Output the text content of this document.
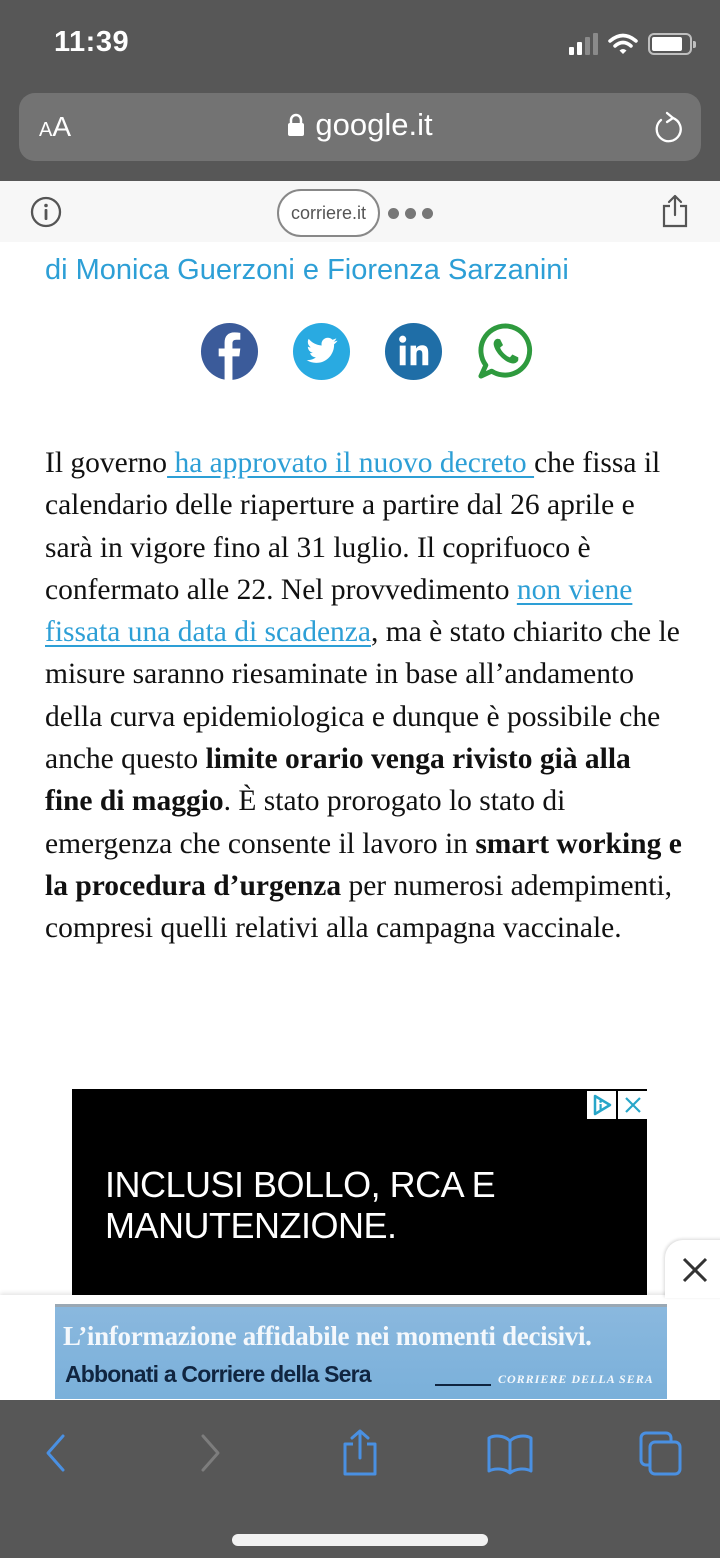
11:39
AA	google.it
corriere.it
di Monica Guerzoni e Fiorenza Sarzanini
Il governo ha approvato il nuovo decreto che fissa il calendario delle riaperture a partire dal 26 aprile e sarà in vigore fino al 31 luglio. Il coprifuoco è confermato alle 22. Nel provvedimento non viene fissata una data di scadenza, ma è stato chiarito che le misure saranno riesaminate in base all’andamento della curva epidemiologica e dunque è possibile che anche questo limite orario venga rivisto già alla fine di maggio. È stato prorogato lo stato di emergenza che consente il lavoro in smart working e la procedura d’urgenza per numerosi adempimenti, compresi quelli relativi alla campagna vaccinale.
INCLUSI BOLLO, RCA E
MANUTENZIONE.
L’informazione affidabile nei momenti decisivi.
Abbonati a Corriere della Sera	CORRIERE DELLA SERA
